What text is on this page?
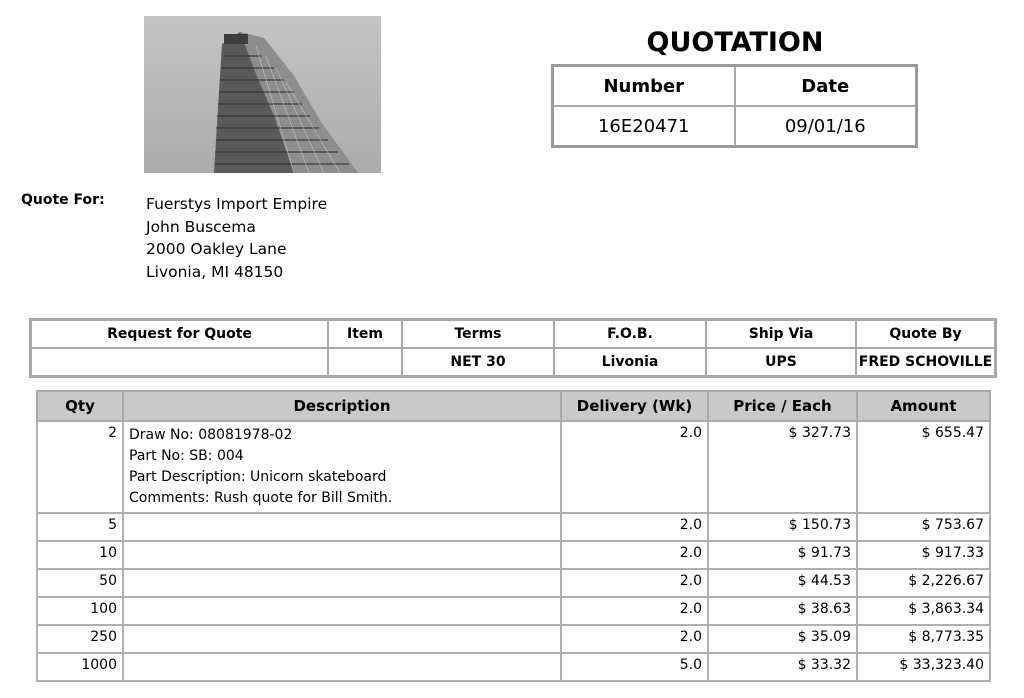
QUOTATION
Number	Date
16E20471	09/01/16
Quote For:	Fuerstys Import Empire
John Buscema
2000 Oakley Lane
Livonia, MI 48150
Request for Quote	Item	Terms	F.O.B.	Ship Via	Quote By
		NET 30	Livonia	UPS	FRED SCHOVILLE
Qty	Description	Delivery (Wk)	Price / Each	Amount
2	Draw No: 08081978-02
Part No: SB: 004
Part Description: Unicorn skateboard
Comments: Rush quote for Bill Smith.	2.0	$ 327.73	$ 655.47
5		2.0	$ 150.73	$ 753.67
10		2.0	$ 91.73	$ 917.33
50		2.0	$ 44.53	$ 2,226.67
100		2.0	$ 38.63	$ 3,863.34
250		2.0	$ 35.09	$ 8,773.35
1000		5.0	$ 33.32	$ 33,323.40
